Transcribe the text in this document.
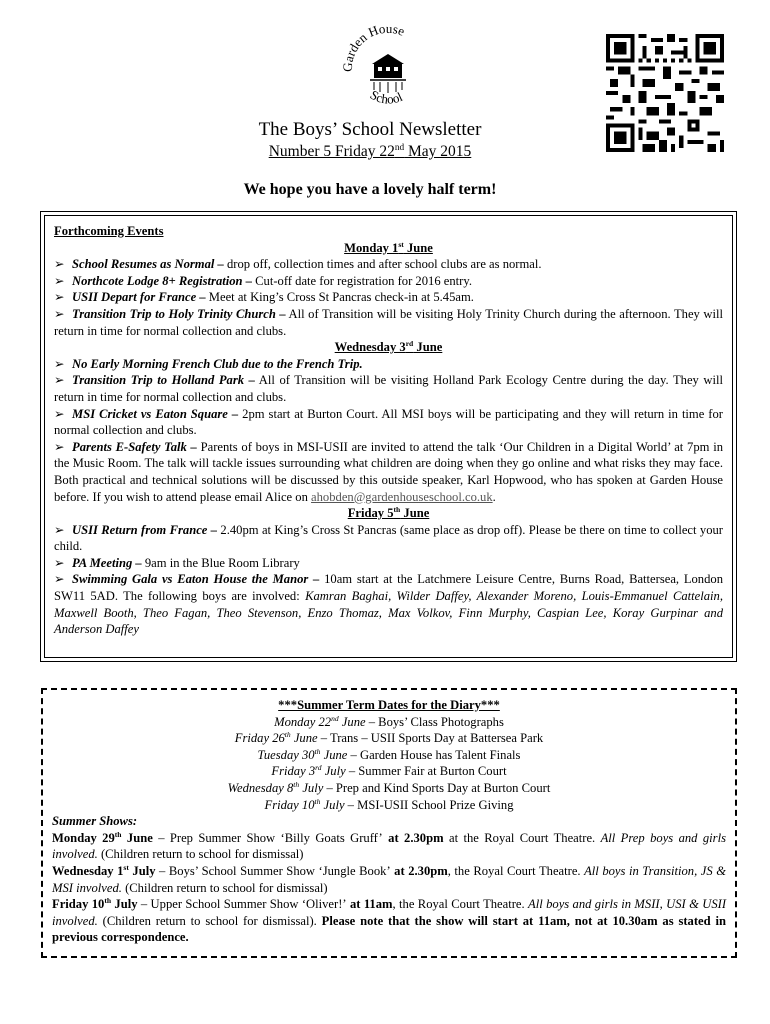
Garden House
School
The Boys’ School Newsletter
Number 5 Friday 22nd May 2015
We hope you have a lovely half term!
Forthcoming Events
Monday 1st June
➢ School Resumes as Normal – drop off, collection times and after school clubs are as normal.
➢ Northcote Lodge 8+ Registration – Cut-off date for registration for 2016 entry.
➢ USII Depart for France – Meet at King’s Cross St Pancras check-in at 5.45am.
➢ Transition Trip to Holy Trinity Church – All of Transition will be visiting Holy Trinity Church during the afternoon. They will return in time for normal collection and clubs.
Wednesday 3rd June
➢ No Early Morning French Club due to the French Trip.
➢ Transition Trip to Holland Park – All of Transition will be visiting Holland Park Ecology Centre during the day. They will return in time for normal collection and clubs.
➢ MSI Cricket vs Eaton Square – 2pm start at Burton Court. All MSI boys will be participating and they will return in time for normal collection and clubs.
➢ Parents E-Safety Talk – Parents of boys in MSI-USII are invited to attend the talk ‘Our Children in a Digital World’ at 7pm in the Music Room. The talk will tackle issues surrounding what children are doing when they go online and what risks they may face. Both practical and technical solutions will be discussed by this outside speaker, Karl Hopwood, who has spoken at Garden House before. If you wish to attend please email Alice on ahobden@gardenhouseschool.co.uk.
Friday 5th June
➢ USII Return from France – 2.40pm at King’s Cross St Pancras (same place as drop off). Please be there on time to collect your child.
➢ PA Meeting – 9am in the Blue Room Library
➢ Swimming Gala vs Eaton House the Manor – 10am start at the Latchmere Leisure Centre, Burns Road, Battersea, London SW11 5AD. The following boys are involved: Kamran Baghai, Wilder Daffey, Alexander Moreno, Louis-Emmanuel Cattelain, Maxwell Booth, Theo Fagan, Theo Stevenson, Enzo Thomaz, Max Volkov, Finn Murphy, Caspian Lee, Koray Gurpinar and Anderson Daffey
***Summer Term Dates for the Diary***
Monday 22nd June – Boys’ Class Photographs
Friday 26th June – Trans – USII Sports Day at Battersea Park
Tuesday 30th June – Garden House has Talent Finals
Friday 3rd July – Summer Fair at Burton Court
Wednesday 8th July – Prep and Kind Sports Day at Burton Court
Friday 10th July – MSI-USII School Prize Giving
Summer Shows:
Monday 29th June – Prep Summer Show ‘Billy Goats Gruff’ at 2.30pm at the Royal Court Theatre. All Prep boys and girls involved. (Children return to school for dismissal)
Wednesday 1st July – Boys’ School Summer Show ‘Jungle Book’ at 2.30pm, the Royal Court Theatre. All boys in Transition, JS & MSI involved. (Children return to school for dismissal)
Friday 10th July – Upper School Summer Show ‘Oliver!’ at 11am, the Royal Court Theatre. All boys and girls in MSII, USI & USII involved. (Children return to school for dismissal). Please note that the show will start at 11am, not at 10.30am as stated in previous correspondence.
